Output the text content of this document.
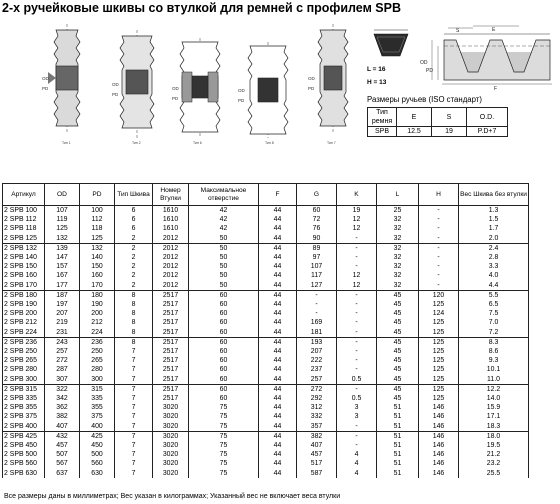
2-х ручейковые шкивы со втулкой для ремней с профилем SPB
OD
PD
Тип 1
OD
PD
Тип 2
OD
PD
Тип 6
OD
PD
Тип 8
OD
PD
Тип 7
L = 16
H = 13
OD
PD
S	E
F
Размеры ручьев (ISO стандарт)
Тип ремня	E	S	O.D.
SPB	12.5	19	P.D+7
Артикул	OD	PD	Тип Шкива	Номер Втулки	Максимальное отверстие	F	G	K	L	H	Вес Шкива без втулки
2 SPB 100	107	100	6	1610	42	44	60	19	25	-	1.3
2 SPB 112	119	112	6	1610	42	44	72	12	32	-	1.5
2 SPB 118	125	118	6	1610	42	44	76	12	32	-	1.7
2 SPB 125	132	125	2	2012	50	44	90	-	32	-	2.0
2 SPB 132	139	132	2	2012	50	44	89	-	32	-	2.4
2 SPB 140	147	140	2	2012	50	44	97	-	32	-	2.8
2 SPB 150	157	150	2	2012	50	44	107	-	32	-	3.3
2 SPB 160	167	160	2	2012	50	44	117	12	32	-	4.0
2 SPB 170	177	170	2	2012	50	44	127	12	32	-	4.4
2 SPB 180	187	180	8	2517	60	44	-	-	45	120	5.5
2 SPB 190	197	190	8	2517	60	44	-	-	45	125	6.5
2 SPB 200	207	200	8	2517	60	44	-	-	45	124	7.5
2 SPB 212	219	212	8	2517	60	44	169	-	45	125	7.0
2 SPB 224	231	224	8	2517	60	44	181	-	45	125	7.2
2 SPB 236	243	236	8	2517	60	44	193	-	45	125	8.3
2 SPB 250	257	250	7	2517	60	44	207	-	45	125	8.6
2 SPB 265	272	265	7	2517	60	44	222	-	45	125	9.3
2 SPB 280	287	280	7	2517	60	44	237	-	45	125	10.1
2 SPB 300	307	300	7	2517	60	44	257	0.5	45	125	11.0
2 SPB 315	322	315	7	2517	60	44	272	-	45	125	12.2
2 SPB 335	342	335	7	2517	60	44	292	0.5	45	125	14.0
2 SPB 355	362	355	7	3020	75	44	312	3	51	146	15.9
2 SPB 375	382	375	7	3020	75	44	332	3	51	146	17.1
2 SPB 400	407	400	7	3020	75	44	357	-	51	146	18.3
2 SPB 425	432	425	7	3020	75	44	382	-	51	146	18.0
2 SPB 450	457	450	7	3020	75	44	407	-	51	146	19.5
2 SPB 500	507	500	7	3020	75	44	457	4	51	146	21.2
2 SPB 560	567	560	7	3020	75	44	517	4	51	146	23.2
2 SPB 630	637	630	7	3020	75	44	587	4	51	146	25.5
Все размеры даны в миллиметрах; Вес указан в килограммах; Указанный вес не включает веса втулки
